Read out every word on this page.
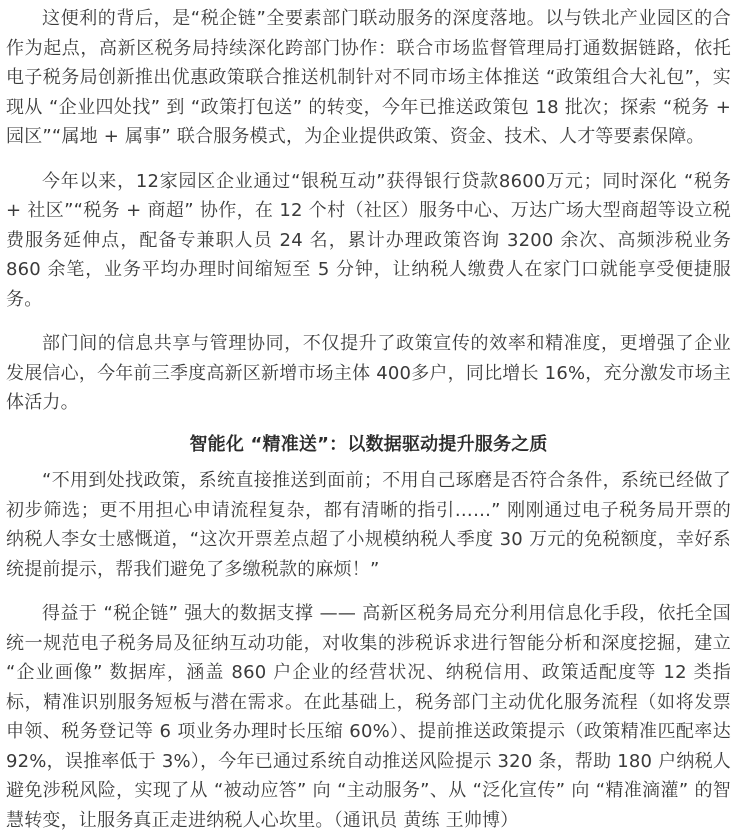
这便利的背后，是“税企链”全要素部门联动服务的深度落地。以与铁北产业园区的合作为起点，高新区税务局持续深化跨部门协作：联合市场监督管理局打通数据链路，依托电子税务局创新推出优惠政策联合推送机制针对不同市场主体推送 “政策组合大礼包”，实现从 “企业四处找” 到 “政策打包送” 的转变，今年已推送政策包 18 批次；探索 “税务 + 园区”“属地 + 属事” 联合服务模式，为企业提供政策、资金、技术、人才等要素保障。

今年以来，12家园区企业通过“银税互动”获得银行贷款8600万元；同时深化 “税务 + 社区”“税务 + 商超” 协作，在 12 个村（社区）服务中心、万达广场大型商超等设立税费服务延伸点，配备专兼职人员 24 名，累计办理政策咨询 3200 余次、高频涉税业务 860 余笔，业务平均办理时间缩短至 5 分钟，让纳税人缴费人在家门口就能享受便捷服务。

部门间的信息共享与管理协同，不仅提升了政策宣传的效率和精准度，更增强了企业发展信心，今年前三季度高新区新增市场主体 400多户，同比增长 16%，充分激发市场主体活力。

智能化 “精准送”：以数据驱动提升服务之质

“不用到处找政策，系统直接推送到面前；不用自己琢磨是否符合条件，系统已经做了初步筛选；更不用担心申请流程复杂，都有清晰的指引……” 刚刚通过电子税务局开票的纳税人李女士感慨道，“这次开票差点超了小规模纳税人季度 30 万元的免税额度，幸好系统提前提示，帮我们避免了多缴税款的麻烦！”

得益于 “税企链” 强大的数据支撑 —— 高新区税务局充分利用信息化手段，依托全国统一规范电子税务局及征纳互动功能，对收集的涉税诉求进行智能分析和深度挖掘，建立 “企业画像” 数据库，涵盖 860 户企业的经营状况、纳税信用、政策适配度等 12 类指标，精准识别服务短板与潜在需求。在此基础上，税务部门主动优化服务流程（如将发票申领、税务登记等 6 项业务办理时长压缩 60%）、提前推送政策提示（政策精准匹配率达 92%，误推率低于 3%），今年已通过系统自动推送风险提示 320 条，帮助 180 户纳税人避免涉税风险，实现了从 “被动应答” 向 “主动服务”、从 “泛化宣传” 向 “精准滴灌” 的智慧转变，让服务真正走进纳税人心坎里。（通讯员 黄练 王帅博）
